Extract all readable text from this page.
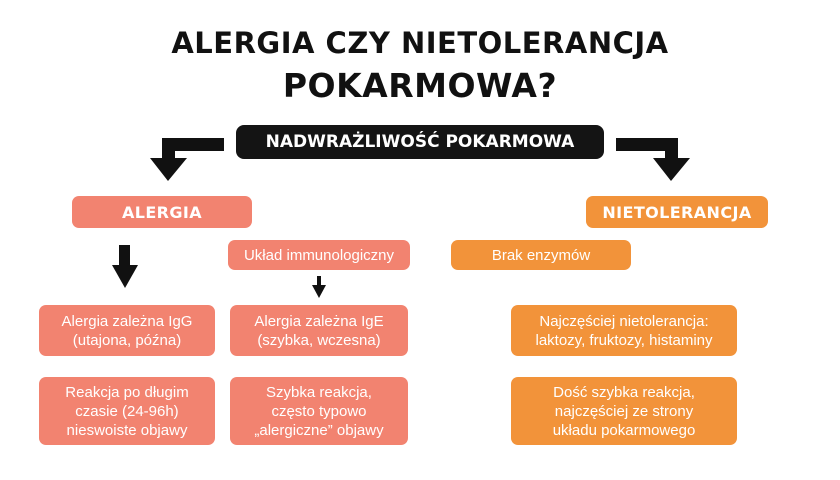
ALERGIA CZY NIETOLERANCJA
POKARMOWA?
NADWRAŻLIWOŚĆ POKARMOWA
ALERGIA	NIETOLERANCJA
Układ immunologiczny	Brak enzymów
Alergia zależna IgG
(utajona, późna)
Alergia zależna IgE
(szybka, wczesna)
Najczęściej nietolerancja:
laktozy, fruktozy, histaminy
Reakcja po długim
czasie (24-96h)
nieswoiste objawy
Szybka reakcja,
często typowo
„alergiczne” objawy
Dość szybka reakcja,
najczęściej ze strony
układu pokarmowego
